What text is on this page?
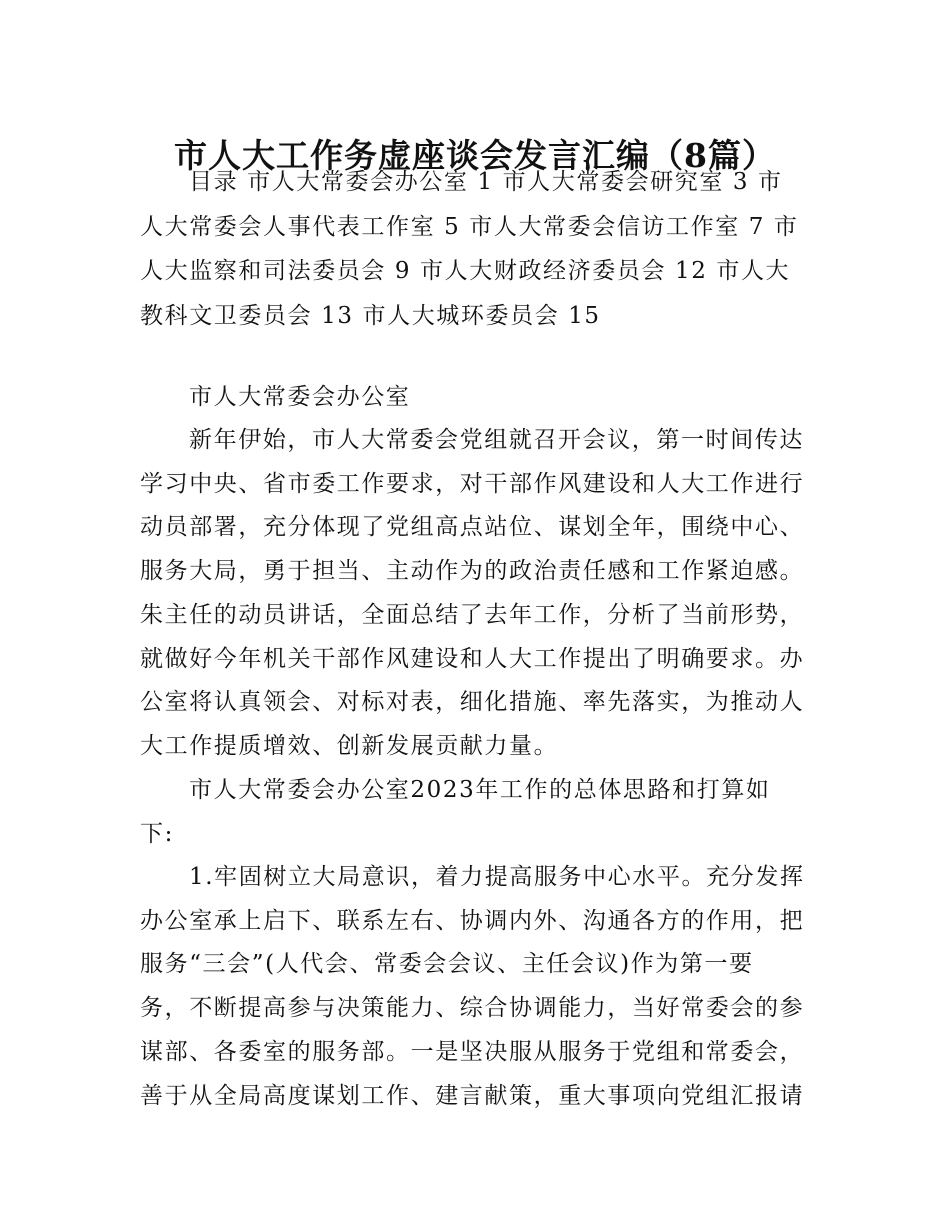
市人大工作务虚座谈会发言汇编（8篇）
目录 市人大常委会办公室 1 市人大常委会研究室 3 市
人大常委会人事代表工作室 5 市人大常委会信访工作室 7 市
人大监察和司法委员会 9 市人大财政经济委员会 12 市人大
教科文卫委员会 13 市人大城环委员会 15
市人大常委会办公室
新年伊始，市人大常委会党组就召开会议，第一时间传达
学习中央、省市委工作要求，对干部作风建设和人大工作进行
动员部署，充分体现了党组高点站位、谋划全年，围绕中心、
服务大局，勇于担当、主动作为的政治责任感和工作紧迫感。
朱主任的动员讲话，全面总结了去年工作，分析了当前形势，
就做好今年机关干部作风建设和人大工作提出了明确要求。办
公室将认真领会、对标对表，细化措施、率先落实，为推动人
大工作提质增效、创新发展贡献力量。
市人大常委会办公室2023年工作的总体思路和打算如
下:
1.牢固树立大局意识，着力提高服务中心水平。充分发挥
办公室承上启下、联系左右、协调内外、沟通各方的作用，把
服务“三会”(人代会、常委会会议、主任会议)作为第一要
务，不断提高参与决策能力、综合协调能力，当好常委会的参
谋部、各委室的服务部。一是坚决服从服务于党组和常委会，
善于从全局高度谋划工作、建言献策，重大事项向党组汇报请
